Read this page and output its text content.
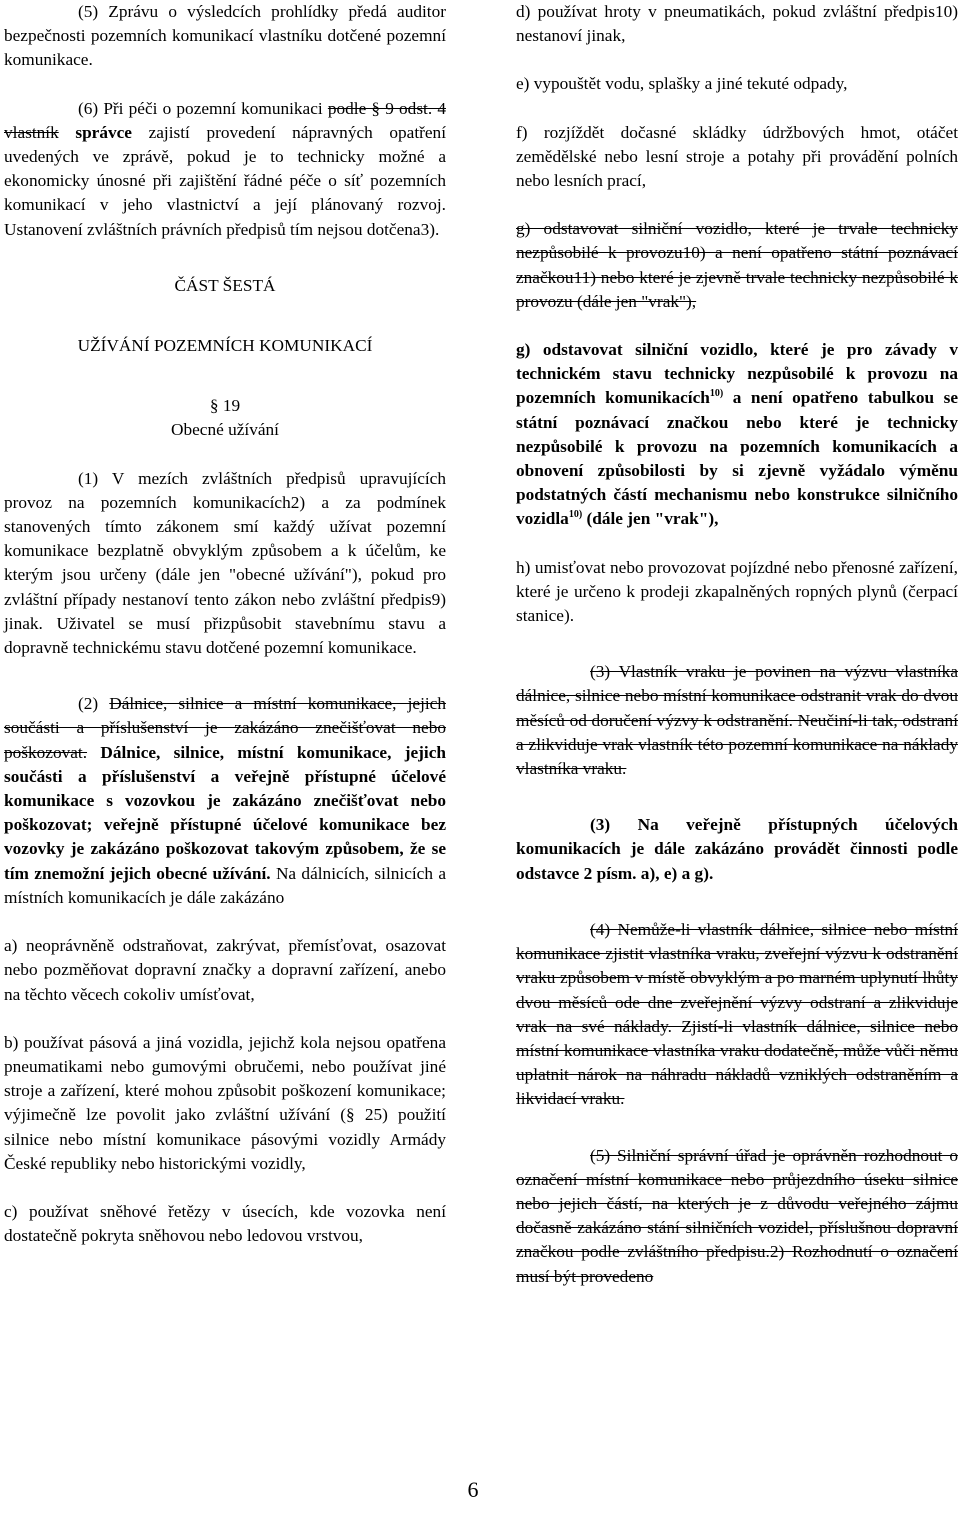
(5) Zprávu o výsledcích prohlídky předá auditor bezpečnosti pozemních komunikací vlastníku dotčené pozemní komunikace.

(6) Při péči o pozemní komunikaci podle § 9 odst. 4 vlastník správce zajistí provedení nápravných opatření uvedených ve zprávě, pokud je to technicky možné a ekonomicky únosné při zajištění řádné péče o síť pozemních komunikací v jeho vlastnictví a její plánovaný rozvoj. Ustanovení zvláštních právních předpisů tím nejsou dotčena3).

ČÁST ŠESTÁ

UŽÍVÁNÍ POZEMNÍCH KOMUNIKACÍ

§ 19

Obecné užívání

(1) V mezích zvláštních předpisů upravujících provoz na pozemních komunikacích2) a za podmínek stanovených tímto zákonem smí každý užívat pozemní komunikace bezplatně obvyklým způsobem a k účelům, ke kterým jsou určeny (dále jen "obecné užívání"), pokud pro zvláštní případy nestanoví tento zákon nebo zvláštní předpis9) jinak. Uživatel se musí přizpůsobit stavebnímu stavu a dopravně technickému stavu dotčené pozemní komunikace.

(2) Dálnice, silnice a místní komunikace, jejich součásti a příslušenství je zakázáno znečišťovat nebo poškozovat. Dálnice, silnice, místní komunikace, jejich součásti a příslušenství a veřejně přístupné účelové komunikace s vozovkou je zakázáno znečišťovat nebo poškozovat; veřejně přístupné účelové komunikace bez vozovky je zakázáno poškozovat takovým způsobem, že se tím znemožní jejich obecné užívání. Na dálnicích, silnicích a místních komunikacích je dále zakázáno

a) neoprávněně odstraňovat, zakrývat, přemísťovat, osazovat nebo pozměňovat dopravní značky a dopravní zařízení, anebo na těchto věcech cokoliv umísťovat,

b) používat pásová a jiná vozidla, jejichž kola nejsou opatřena pneumatikami nebo gumovými obručemi, nebo používat jiné stroje a zařízení, které mohou způsobit poškození komunikace; výjimečně lze povolit jako zvláštní užívání (§ 25) použití silnice nebo místní komunikace pásovými vozidly Armády České republiky nebo historickými vozidly,

c) používat sněhové řetězy v úsecích, kde vozovka není dostatečně pokryta sněhovou nebo ledovou vrstvou,

d) používat hroty v pneumatikách, pokud zvláštní předpis10) nestanoví jinak,

e) vypouštět vodu, splašky a jiné tekuté odpady,

f) rozjíždět dočasné skládky údržbových hmot, otáčet zemědělské nebo lesní stroje a potahy při provádění polních nebo lesních prací,

g) odstavovat silniční vozidlo, které je trvale technicky nezpůsobilé k provozu10) a není opatřeno státní poznávací značkou11) nebo které je zjevně trvale technicky nezpůsobilé k provozu (dále jen "vrak"),

g) odstavovat silniční vozidlo, které je pro závady v technickém stavu technicky nezpůsobilé k provozu na pozemních komunikacích$^{10)}$ a není opatřeno tabulkou se státní poznávací značkou nebo které je technicky nezpůsobilé k provozu na pozemních komunikacích a obnovení způsobilosti by si zjevně vyžádalo výměnu podstatných částí mechanismu nebo konstrukce silničního vozidla$^{10)}$ (dále jen "vrak"),

h) umisťovat nebo provozovat pojízdné nebo přenosné zařízení, které je určeno k prodeji zkapalněných ropných plynů (čerpací stanice).

(3) Vlastník vraku je povinen na výzvu vlastníka dálnice, silnice nebo místní komunikace odstranit vrak do dvou měsíců od doručení výzvy k odstranění. Neučiní-li tak, odstraní a zlikviduje vrak vlastník této pozemní komunikace na náklady vlastníka vraku.

(3) Na veřejně přístupných účelových komunikacích je dále zakázáno provádět činnosti podle odstavce 2 písm. a), e) a g).

(4) Nemůže-li vlastník dálnice, silnice nebo místní komunikace zjistit vlastníka vraku, zveřejní výzvu k odstranění vraku způsobem v místě obvyklým a po marném uplynutí lhůty dvou měsíců ode dne zveřejnění výzvy odstraní a zlikviduje vrak na své náklady. Zjistí-li vlastník dálnice, silnice nebo místní komunikace vlastníka vraku dodatečně, může vůči němu uplatnit nárok na náhradu nákladů vzniklých odstraněním a likvidací vraku.

(5) Silniční správní úřad je oprávněn rozhodnout o označení místní komunikace nebo průjezdního úseku silnice nebo jejich částí, na kterých je z důvodu veřejného zájmu dočasně zakázáno stání silničních vozidel, příslušnou dopravní značkou podle zvláštního předpisu.2) Rozhodnutí o označení musí být provedeno

6
